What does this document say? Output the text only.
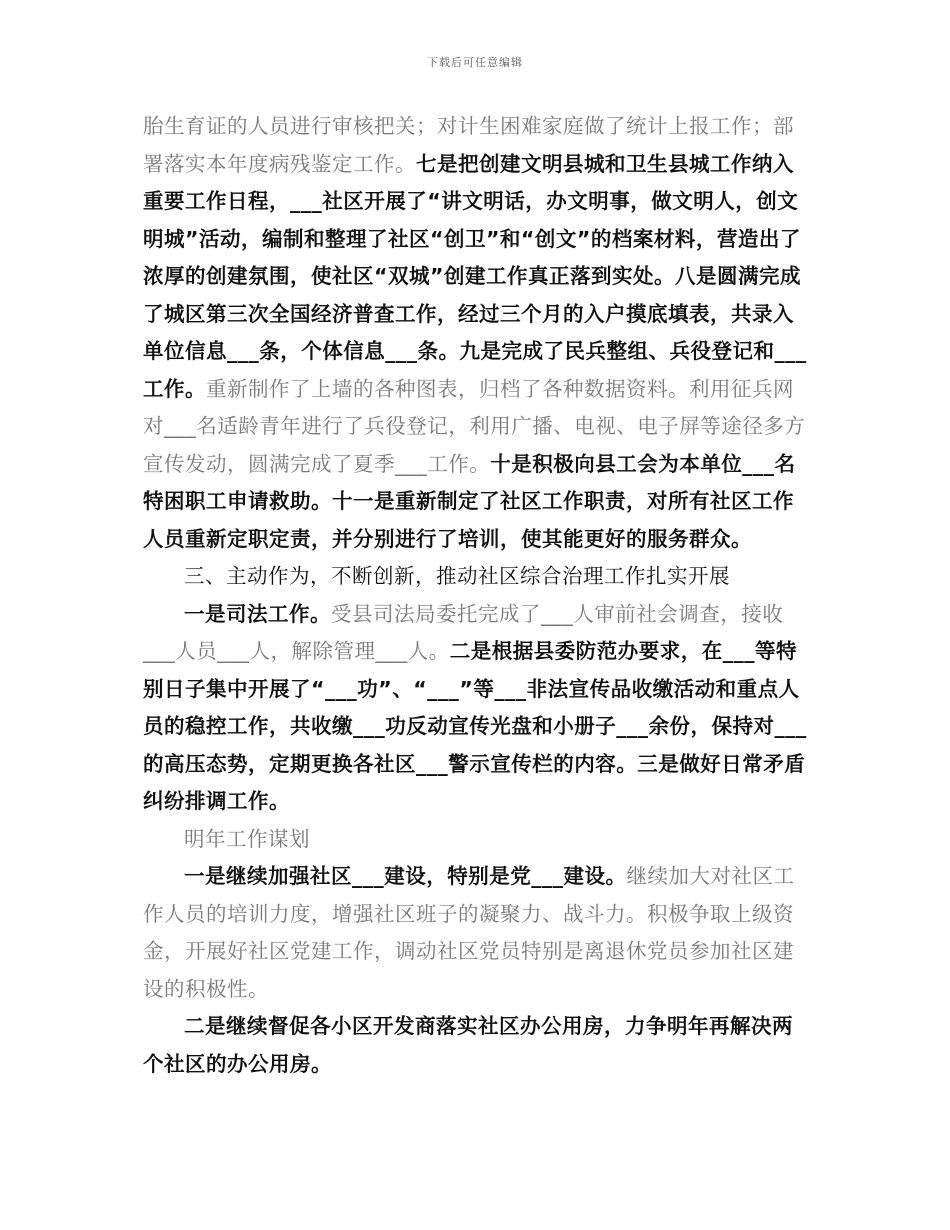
下载后可任意编辑

胎生育证的人员进行审核把关；对计生困难家庭做了统计上报工作；部署落实本年度病残鉴定工作。七是把创建文明县城和卫生县城工作纳入重要工作日程，___社区开展了“讲文明话，办文明事，做文明人，创文明城”活动，编制和整理了社区“创卫”和“创文”的档案材料，营造出了浓厚的创建氛围，使社区“双城”创建工作真正落到实处。八是圆满完成了城区第三次全国经济普查工作，经过三个月的入户摸底填表，共录入单位信息___条，个体信息___条。九是完成了民兵整组、兵役登记和___工作。重新制作了上墙的各种图表，归档了各种数据资料。利用征兵网对___名适龄青年进行了兵役登记，利用广播、电视、电子屏等途径多方宣传发动，圆满完成了夏季___工作。十是积极向县工会为本单位___名特困职工申请救助。十一是重新制定了社区工作职责，对所有社区工作人员重新定职定责，并分别进行了培训，使其能更好的服务群众。

三、主动作为，不断创新，推动社区综合治理工作扎实开展

一是司法工作。受县司法局委托完成了___人审前社会调查，接收___人员___人，解除管理___人。二是根据县委防范办要求，在___等特别日子集中开展了“___功”、“___”等___非法宣传品收缴活动和重点人员的稳控工作，共收缴___功反动宣传光盘和小册子___余份，保持对___的高压态势，定期更换各社区___警示宣传栏的内容。三是做好日常矛盾纠纷排调工作。

明年工作谋划

一是继续加强社区___建设，特别是党___建设。继续加大对社区工作人员的培训力度，增强社区班子的凝聚力、战斗力。积极争取上级资金，开展好社区党建工作，调动社区党员特别是离退休党员参加社区建设的积极性。

二是继续督促各小区开发商落实社区办公用房，力争明年再解决两个社区的办公用房。
